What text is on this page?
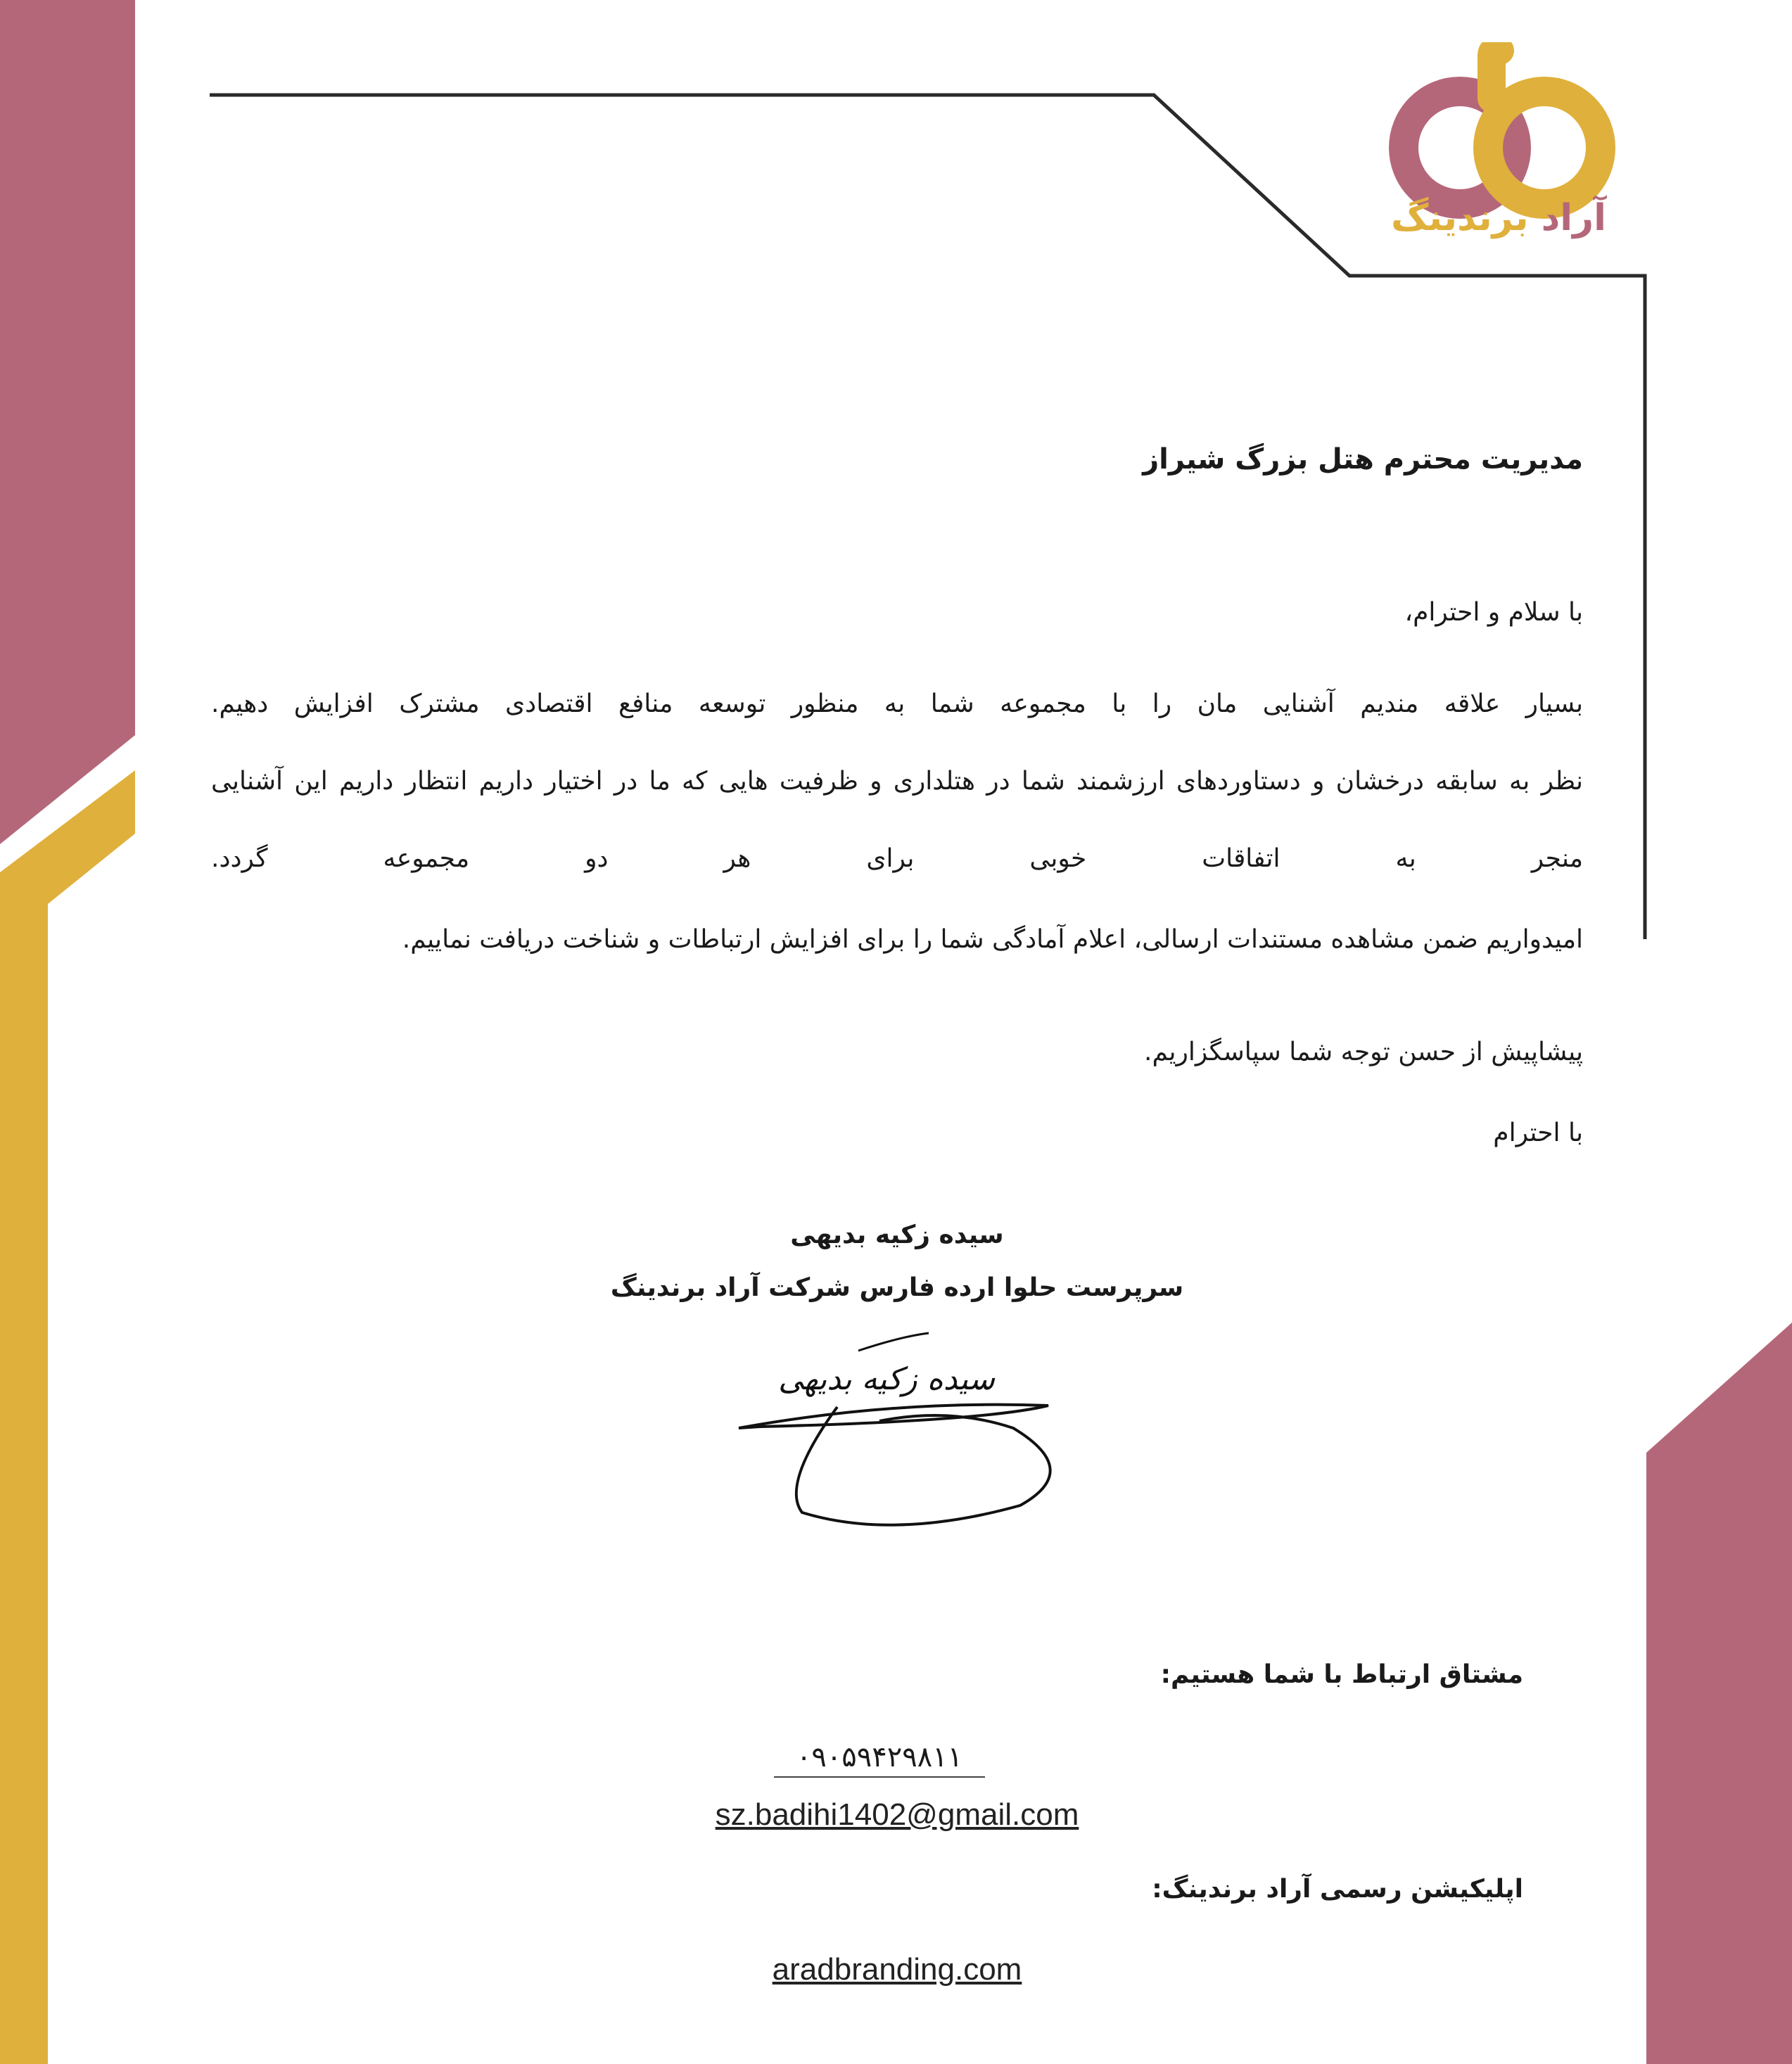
آراد برندینگ
مدیریت محترم هتل بزرگ شیراز
با سلام و احترام،
بسیار علاقه مندیم آشنایی مان را با مجموعه شما به منظور توسعه منافع اقتصادی مشترک افزایش دهیم.
نظر به سابقه درخشان و دستاوردهای ارزشمند شما در هتلداری و ظرفیت هایی که ما در اختیار داریم انتظار داریم این آشنایی
منجر به اتفاقات خوبی برای هر دو مجموعه گردد.
امیدواریم ضمن مشاهده مستندات ارسالی، اعلام آمادگی شما را برای افزایش ارتباطات و شناخت دریافت نماییم.
پیشاپیش از حسن توجه شما سپاسگزاریم.
با احترام
سیده زکیه بدیهی
سرپرست حلوا ارده فارس شرکت آراد برندینگ
سیده زکیه بدیهی
مشتاق ارتباط با شما هستیم:
۰۹۰۵۹۴۲۹۸۱۱
sz.badihi1402@gmail.com
اپلیکیشن رسمی آراد برندینگ:
aradbranding.com
